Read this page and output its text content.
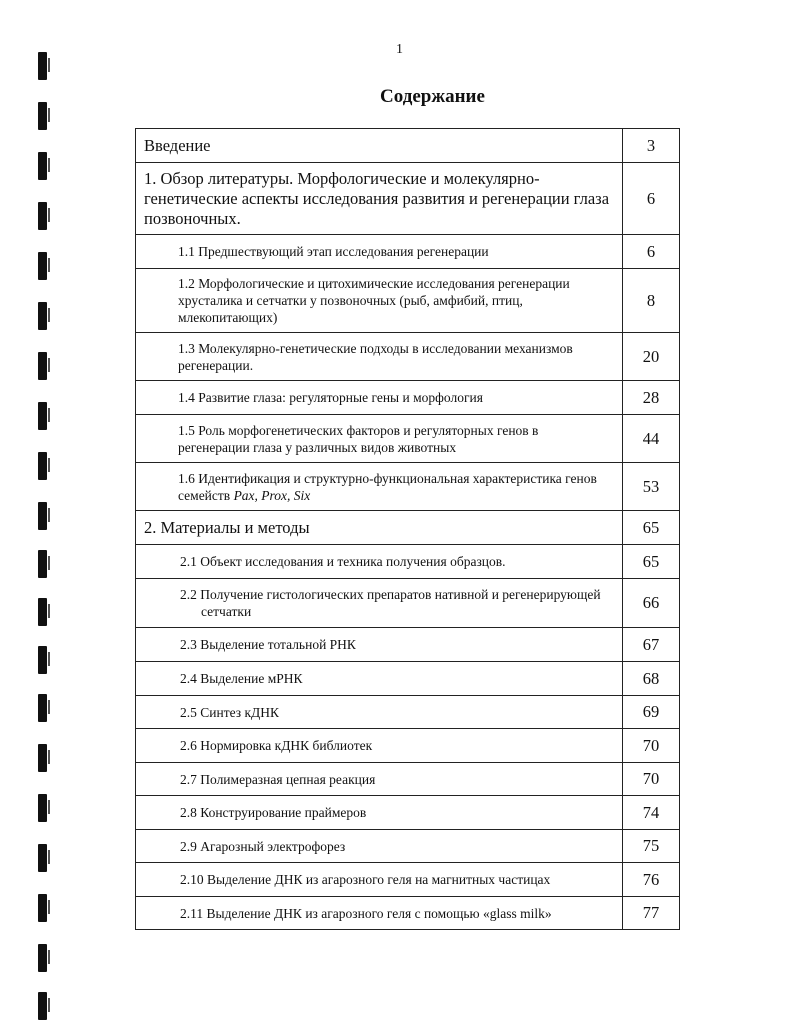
1
Содержание
Введение	3
1. Обзор литературы. Морфологические и молекулярно-генетические аспекты исследования развития и регенерации глаза позвоночных.	6
1.1 Предшествующий этап исследования регенерации	6
1.2 Морфологические и цитохимические исследования регенерации хрусталика и сетчатки у позвоночных (рыб, амфибий, птиц, млекопитающих)	8
1.3 Молекулярно-генетические подходы в исследовании механизмов регенерации.	20
1.4 Развитие глаза: регуляторные гены и морфология	28
1.5 Роль морфогенетических факторов и регуляторных генов в регенерации глаза у различных видов животных	44
1.6 Идентификация и структурно-функциональная характеристика генов семейств Pax, Prox, Six	53
2. Материалы и методы	65
2.1 Объект исследования и техника получения образцов.	65

2.2 Получение гистологических препаратов нативной и регенерирующей сетчатки	66
2.3 Выделение тотальной РНК	67
2.4 Выделение мРНК	68
2.5 Синтез кДНК	69
2.6 Нормировка кДНК библиотек	70
2.7 Полимеразная цепная реакция	70
2.8 Конструирование праймеров	74
2.9 Агарозный электрофорез	75
2.10 Выделение ДНК из агарозного геля на магнитных частицах	76
2.11 Выделение ДНК из агарозного геля с помощью «glass milk»	77
